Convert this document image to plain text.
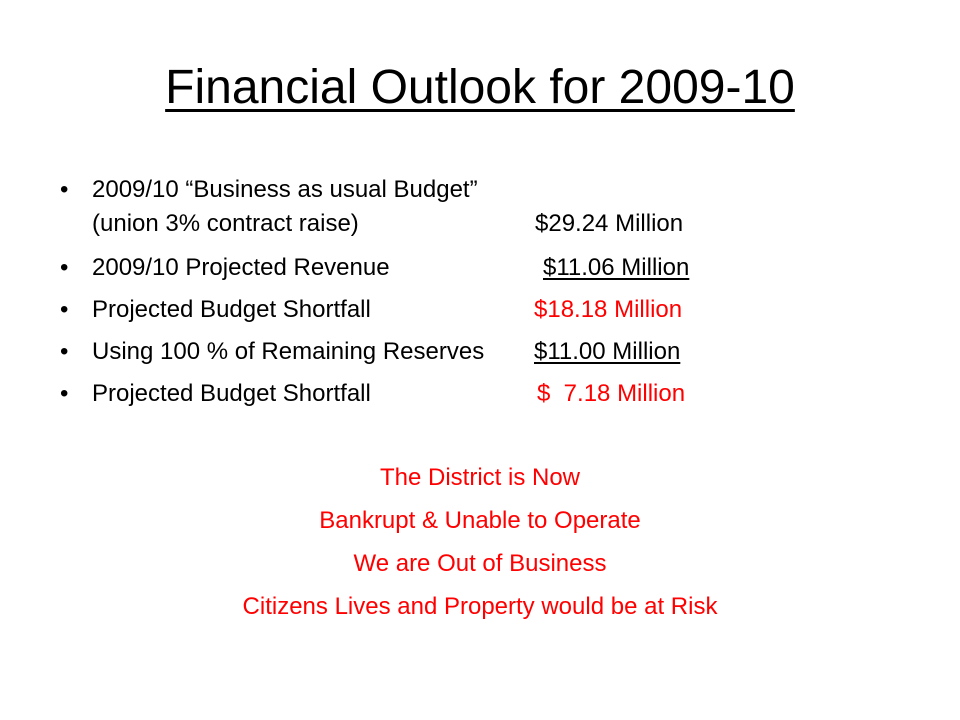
Financial Outlook for 2009-10
• 2009/10 “Business as usual Budget”
(union 3% contract raise)	$29.24 Million
• 2009/10 Projected Revenue	$11.06 Million
• Projected Budget Shortfall	$18.18 Million
• Using 100 % of Remaining Reserves $11.00 Million
• Projected Budget Shortfall	$  7.18 Million
The District is Now
Bankrupt & Unable to Operate
We are Out of Business
Citizens Lives and Property would be at Risk
